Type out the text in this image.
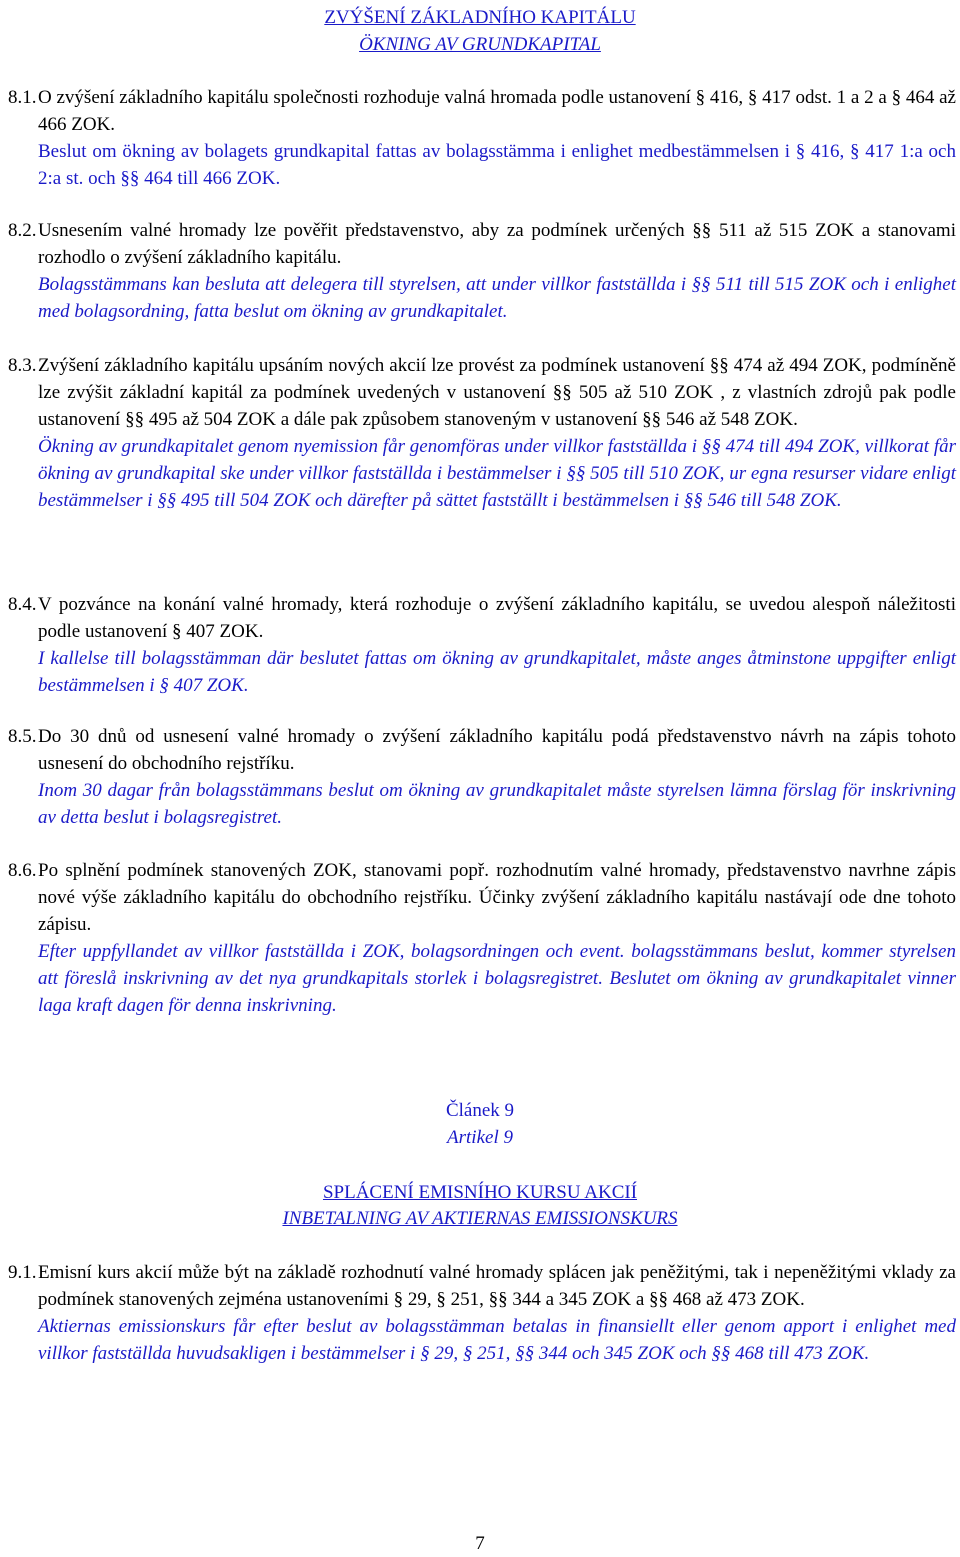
ZVÝŠENÍ ZÁKLADNÍHO KAPITÁLU
ÖKNING AV GRUNDKAPITAL
8.1. O zvýšení základního kapitálu společnosti rozhoduje valná hromada podle ustanovení § 416, § 417 odst. 1 a 2 a § 464 až 466 ZOK.

Beslut om ökning av bolagets grundkapital fattas av bolagsstämma i enlighet medbestämmelsen i § 416, § 417 1:a och 2:a st. och §§ 464 till 466 ZOK.

8.2. Usnesením valné hromady lze pověřit představenstvo, aby za podmínek určených §§ 511 až 515 ZOK a stanovami rozhodlo o zvýšení základního kapitálu.

Bolagsstämmans kan besluta att delegera till styrelsen, att under villkor fastställda i §§ 511 till 515 ZOK och i enlighet med bolagsordning, fatta beslut om ökning av grundkapitalet.

8.3. Zvýšení základního kapitálu upsáním nových akcií lze provést za podmínek ustanovení §§ 474 až 494 ZOK, podmíněně lze zvýšit základní kapitál za podmínek uvedených v ustanovení §§ 505 až 510 ZOK , z vlastních zdrojů pak podle ustanovení §§ 495 až 504 ZOK a dále pak způsobem stanoveným v ustanovení §§ 546 až 548 ZOK.

Ökning av grundkapitalet genom nyemission får genomföras under villkor fastställda i §§ 474 till 494 ZOK, villkorat får ökning av grundkapital ske under villkor fastställda i bestämmelser i §§ 505 till 510 ZOK, ur egna resurser vidare enligt bestämmelser i §§ 495 till 504 ZOK och därefter på sättet fastställt i bestämmelsen i §§ 546 till 548 ZOK.

8.4. V pozvánce na konání valné hromady, která rozhoduje o zvýšení základního kapitálu, se uvedou alespoň náležitosti podle ustanovení § 407 ZOK.

I kallelse till bolagsstämman där beslutet fattas om ökning av grundkapitalet, måste anges åtminstone uppgifter enligt bestämmelsen i § 407 ZOK.

8.5. Do 30 dnů od usnesení valné hromady o zvýšení základního kapitálu podá představenstvo návrh na zápis tohoto usnesení do obchodního rejstříku.

Inom 30 dagar från bolagsstämmans beslut om ökning av grundkapitalet måste styrelsen lämna förslag för inskrivning av detta beslut i bolagsregistret.

8.6. Po splnění podmínek stanovených ZOK, stanovami popř. rozhodnutím valné hromady, představenstvo navrhne zápis nové výše základního kapitálu do obchodního rejstříku. Účinky zvýšení základního kapitálu nastávají ode dne tohoto zápisu.

Efter uppfyllandet av villkor fastställda i ZOK, bolagsordningen och event. bolagsstämmans beslut, kommer styrelsen att föreslå inskrivning av det nya grundkapitals storlek i bolagsregistret. Beslutet om ökning av grundkapitalet vinner laga kraft dagen för denna inskrivning.

Článek 9
Artikel 9
SPLÁCENÍ EMISNÍHO KURSU AKCIÍ
INBETALNING AV AKTIERNAS EMISSIONSKURS
9.1. Emisní kurs akcií může být na základě rozhodnutí valné hromady splácen jak peněžitými, tak i nepeněžitými vklady za podmínek stanovených zejména ustanoveními § 29, § 251, §§ 344 a 345 ZOK a §§ 468 až 473 ZOK.

Aktiernas emissionskurs får efter beslut av bolagsstämman betalas in finansiellt eller genom apport i enlighet med villkor fastställda huvudsakligen i bestämmelser i § 29, § 251, §§ 344 och 345 ZOK och §§ 468 till 473 ZOK.

7
